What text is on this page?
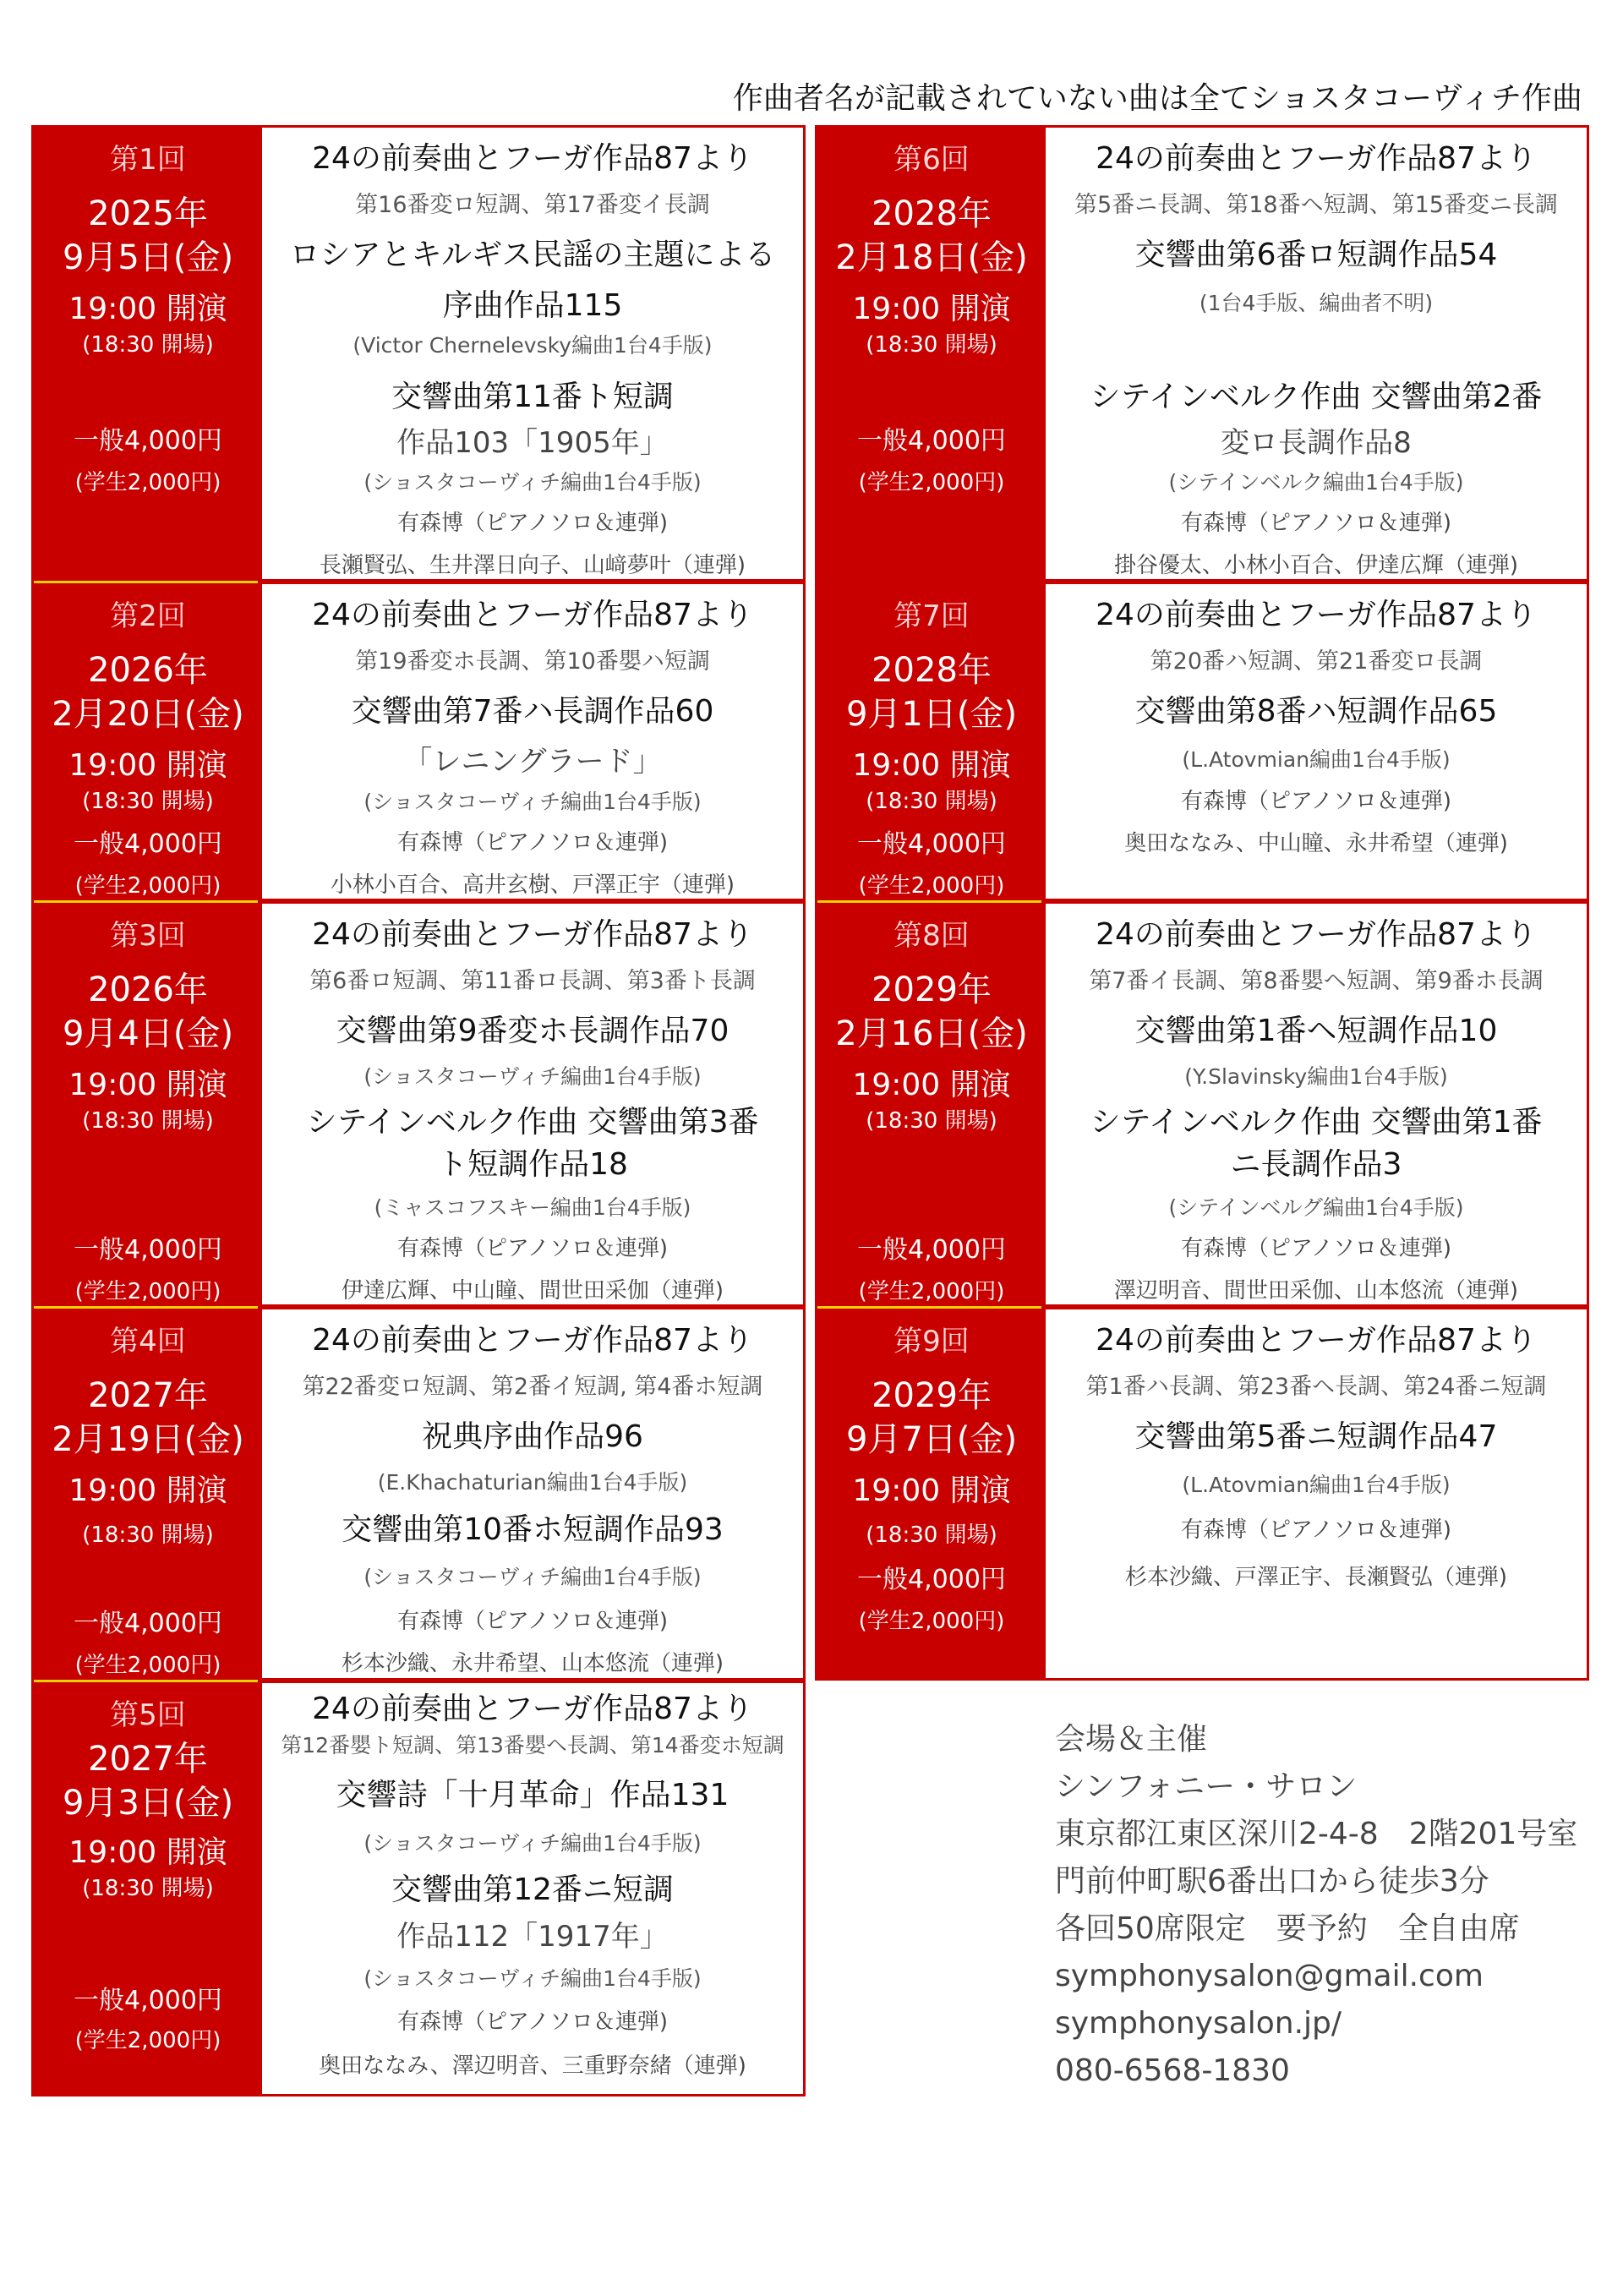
作曲者名が記載されていない曲は全てショスタコーヴィチ作曲
第1回
2025年
9月5日(金)
19:00 開演
(18:30 開場)
一般4,000円
(学生2,000円)
24の前奏曲とフーガ作品87より
第16番変ロ短調、第17番変イ長調
ロシアとキルギス民謡の主題による
序曲作品115
(Victor Chernelevsky編曲1台4手版)
交響曲第11番ト短調
作品103「1905年」
(ショスタコーヴィチ編曲1台4手版)
有森博（ピアノソロ＆連弾)
長瀬賢弘、生井澤日向子、山﨑夢叶（連弾)
第2回
2026年
2月20日(金)
19:00 開演
(18:30 開場)
一般4,000円
(学生2,000円)
24の前奏曲とフーガ作品87より
第19番変ホ長調、第10番嬰ハ短調
交響曲第7番ハ長調作品60
「レニングラード」
(ショスタコーヴィチ編曲1台4手版)
有森博（ピアノソロ＆連弾)
小林小百合、高井玄樹、戸澤正宇（連弾)
第3回
2026年
9月4日(金)
19:00 開演
(18:30 開場)
一般4,000円
(学生2,000円)
24の前奏曲とフーガ作品87より
第6番ロ短調、第11番ロ長調、第3番ト長調
交響曲第9番変ホ長調作品70
(ショスタコーヴィチ編曲1台4手版)
シテインベルク作曲 交響曲第3番
ト短調作品18
(ミャスコフスキー編曲1台4手版)
有森博（ピアノソロ＆連弾)
伊達広輝、中山瞳、間世田采伽（連弾)
第4回
2027年
2月19日(金)
19:00 開演
(18:30 開場)
一般4,000円
(学生2,000円)
24の前奏曲とフーガ作品87より
第22番変ロ短調、第2番イ短調, 第4番ホ短調
祝典序曲作品96
(E.Khachaturian編曲1台4手版)
交響曲第10番ホ短調作品93
(ショスタコーヴィチ編曲1台4手版)
有森博（ピアノソロ＆連弾)
杉本沙織、永井希望、山本悠流（連弾)
第5回
2027年
9月3日(金)
19:00 開演
(18:30 開場)
一般4,000円
(学生2,000円)
24の前奏曲とフーガ作品87より
第12番嬰ト短調、第13番嬰ヘ長調、第14番変ホ短調
交響詩「十月革命」作品131
(ショスタコーヴィチ編曲1台4手版)
交響曲第12番ニ短調
作品112「1917年」
(ショスタコーヴィチ編曲1台4手版)
有森博（ピアノソロ＆連弾)
奥田ななみ、澤辺明音、三重野奈緒（連弾)
第6回
2028年
2月18日(金)
19:00 開演
(18:30 開場)
一般4,000円
(学生2,000円)
24の前奏曲とフーガ作品87より
第5番ニ長調、第18番ヘ短調、第15番変ニ長調
交響曲第6番ロ短調作品54
(1台4手版、編曲者不明)
シテインベルク作曲 交響曲第2番
変ロ長調作品8
(シテインベルク編曲1台4手版)
有森博（ピアノソロ＆連弾)
掛谷優太、小林小百合、伊達広輝（連弾)
第7回
2028年
9月1日(金)
19:00 開演
(18:30 開場)
一般4,000円
(学生2,000円)
24の前奏曲とフーガ作品87より
第20番ハ短調、第21番変ロ長調
交響曲第8番ハ短調作品65
(L.Atovmian編曲1台4手版)
有森博（ピアノソロ＆連弾)
奥田ななみ、中山瞳、永井希望（連弾)
第8回
2029年
2月16日(金)
19:00 開演
(18:30 開場)
一般4,000円
(学生2,000円)
24の前奏曲とフーガ作品87より
第7番イ長調、第8番嬰ヘ短調、第9番ホ長調
交響曲第1番ヘ短調作品10
(Y.Slavinsky編曲1台4手版)
シテインベルク作曲 交響曲第1番
ニ長調作品3
(シテインベルグ編曲1台4手版)
有森博（ピアノソロ＆連弾)
澤辺明音、間世田采伽、山本悠流（連弾)
第9回
2029年
9月7日(金)
19:00 開演
(18:30 開場)
一般4,000円
(学生2,000円)
24の前奏曲とフーガ作品87より
第1番ハ長調、第23番ヘ長調、第24番ニ短調
交響曲第5番ニ短調作品47
(L.Atovmian編曲1台4手版)
有森博（ピアノソロ＆連弾)
杉本沙織、戸澤正宇、長瀬賢弘（連弾)
会場＆主催
シンフォニー・サロン
東京都江東区深川2-4-8　2階201号室
門前仲町駅6番出口から徒歩3分
各回50席限定　要予約　全自由席
symphonysalon@gmail.com
symphonysalon.jp/
080-6568-1830
